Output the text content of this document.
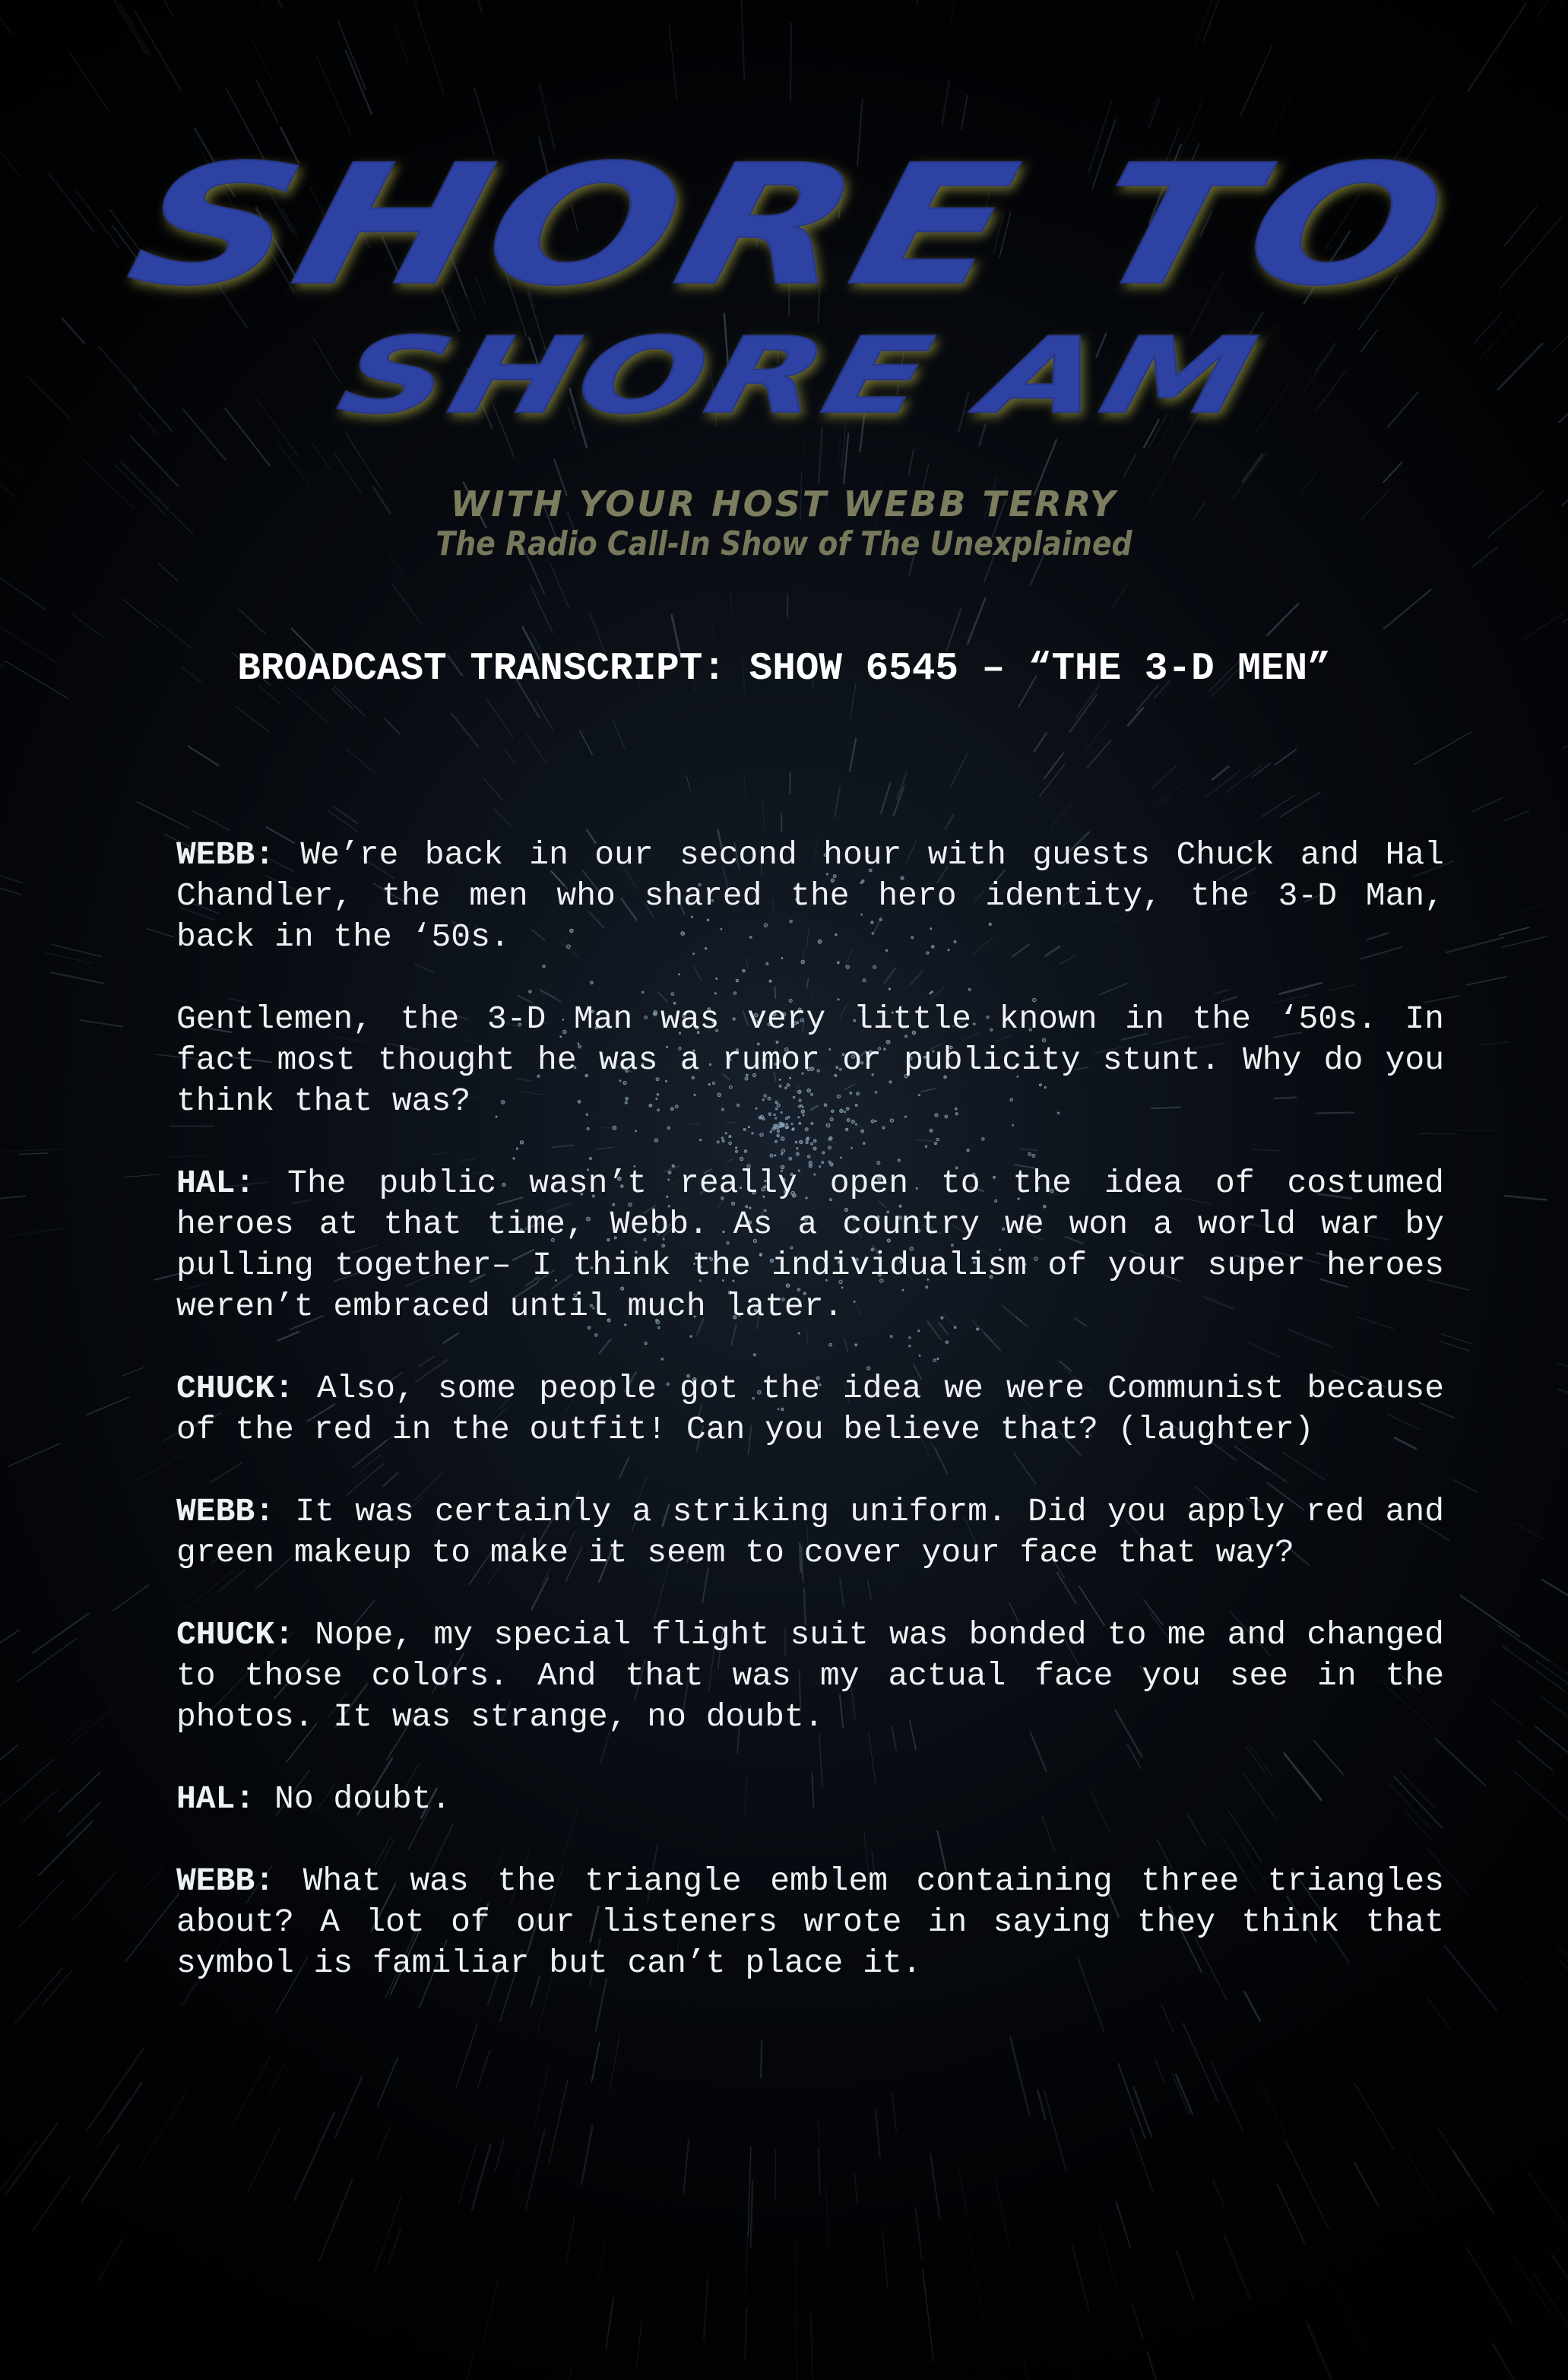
SHORE TO
SHORE AM
WITH YOUR HOST WEBB TERRY
The Radio Call-In Show of The Unexplained
BROADCAST TRANSCRIPT: SHOW 6545 – “THE 3-D MEN”

WEBB: We’re back in our second hour with guests Chuck and Hal Chandler, the men who shared the hero identity, the 3-D Man, back in the ‘50s.

Gentlemen, the 3-D Man was very little known in the ‘50s. In fact most thought he was a rumor or publicity stunt. Why do you think that was?

HAL: The public wasn’t really open to the idea of costumed heroes at that time, Webb. As a country we won a world war by pulling together– I think the individualism of your super heroes weren’t embraced until much later.

CHUCK: Also, some people got the idea we were Communist because of the red in the outfit! Can you believe that? (laughter)

WEBB: It was certainly a striking uniform. Did you apply red and green makeup to make it seem to cover your face that way?

CHUCK: Nope, my special flight suit was bonded to me and changed to those colors. And that was my actual face you see in the photos. It was strange, no doubt.

HAL: No doubt.

WEBB: What was the triangle emblem containing three triangles about? A lot of our listeners wrote in saying they think that symbol is familiar but can’t place it.
